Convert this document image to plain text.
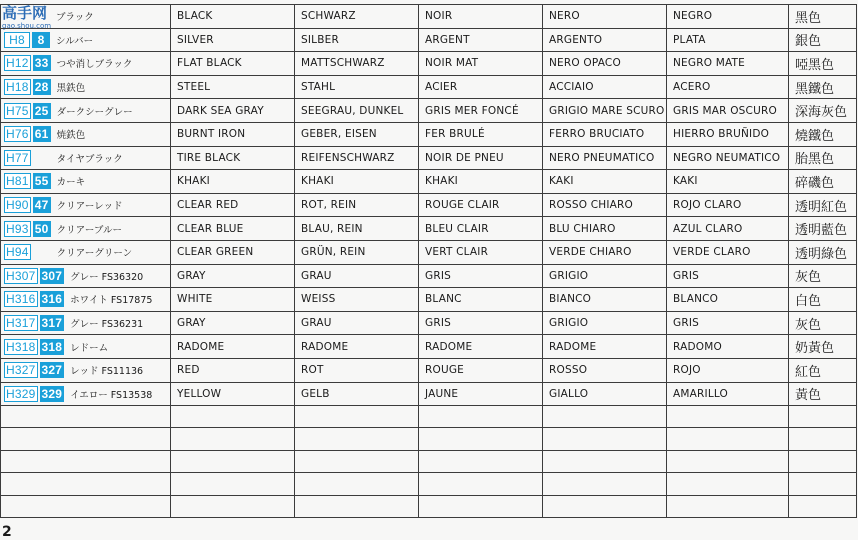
高手网
gao.shou.com
ブラック	BLACK	SCHWARZ	NOIR	NERO	NEGRO	黑色

H8 8 シルバー	SILVER	SILBER	ARGENT	ARGENTO	PLATA	銀色

H12 33 つや消しブラック	FLAT BLACK	MATTSCHWARZ	NOIR MAT	NERO OPACO	NEGRO MATE	啞黑色

H18 28 黒鉄色	STEEL	STAHL	ACIER	ACCIAIO	ACERO	黑鐵色

H75 25 ダークシーグレー	DARK SEA GRAY	SEEGRAU, DUNKEL	GRIS MER FONCÉ	GRIGIO MARE SCURO	GRIS MAR OSCURO	深海灰色

H76 61 焼鉄色	BURNT IRON	GEBER, EISEN	FER BRULÉ	FERRO BRUCIATO	HIERRO BRUÑIDO	燒鐵色

H77 タイヤブラック	TIRE BLACK	REIFENSCHWARZ	NOIR DE PNEU	NERO PNEUMATICO	NEGRO NEUMATICO	胎黑色

H81 55 カーキ	KHAKI	KHAKI	KHAKI	KAKI	KAKI	碎磯色

H90 47 クリアーレッド	CLEAR RED	ROT, REIN	ROUGE CLAIR	ROSSO CHIARO	ROJO CLARO	透明紅色

H93 50 クリアーブルー	CLEAR BLUE	BLAU, REIN	BLEU CLAIR	BLU CHIARO	AZUL CLARO	透明藍色

H94 クリアーグリーン	CLEAR GREEN	GRÜN, REIN	VERT CLAIR	VERDE CHIARO	VERDE CLARO	透明綠色

H307 307 グレー FS36320	GRAY	GRAU	GRIS	GRIGIO	GRIS	灰色

H316 316 ホワイト FS17875	WHITE	WEISS	BLANC	BIANCO	BLANCO	白色

H317 317 グレー FS36231	GRAY	GRAU	GRIS	GRIGIO	GRIS	灰色

H318 318 レドーム	RADOME	RADOME	RADOME	RADOME	RADOMO	奶黃色

H327 327 レッド FS11136	RED	ROT	ROUGE	ROSSO	ROJO	紅色

H329 329 イエロー FS13538	YELLOW	GELB	JAUNE	GIALLO	AMARILLO	黃色

2
